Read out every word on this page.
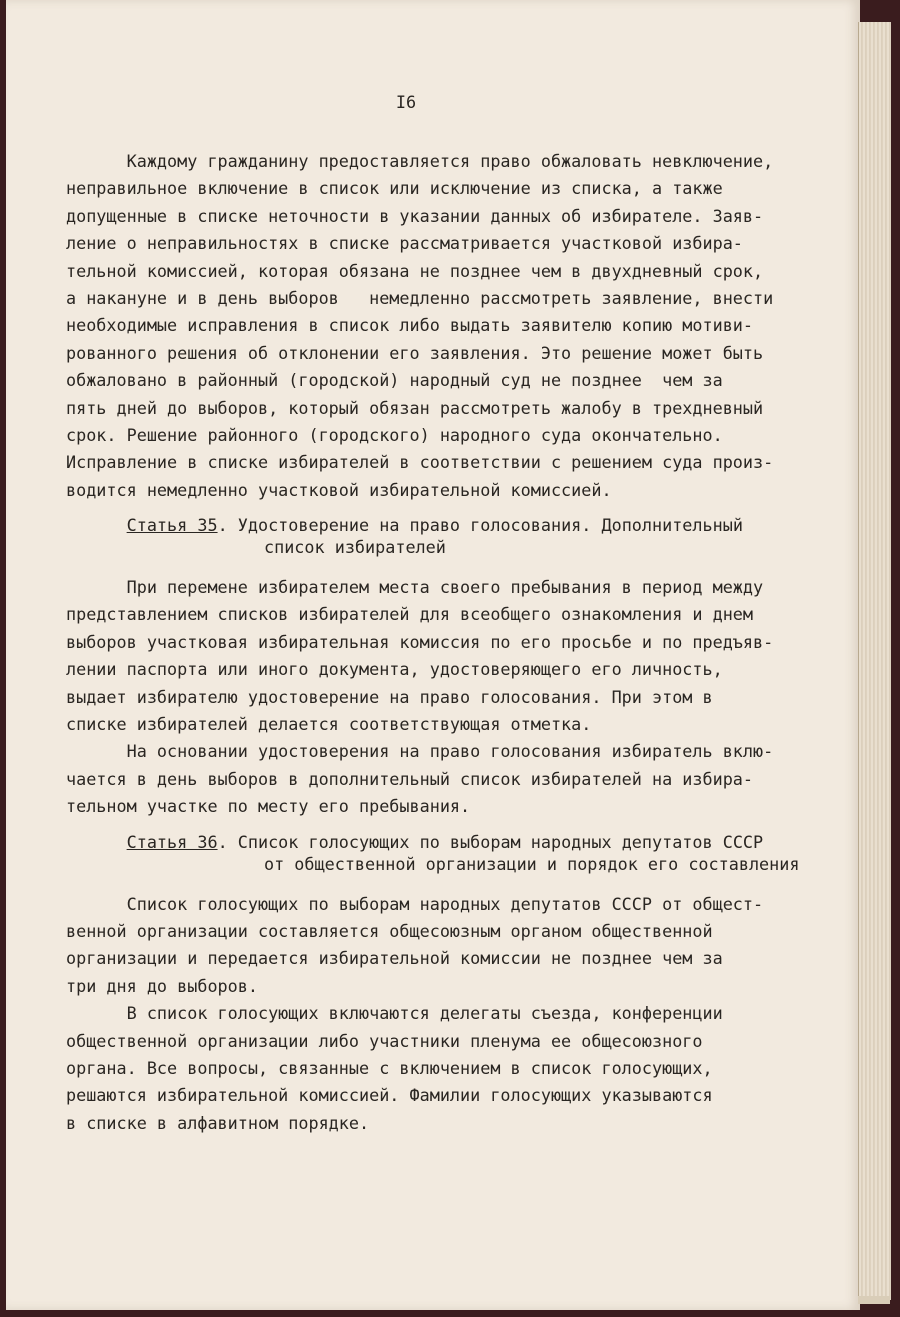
I6
Каждому гражданину предоставляется право обжаловать невключение,
неправильное включение в список или исключение из списка, а также
допущенные в списке неточности в указании данных об избирателе. Заяв-
ление о неправильностях в списке рассматривается участковой избира-
тельной комиссией, которая обязана не позднее чем в двухдневный срок,
а накануне и в день выборов   немедленно рассмотреть заявление, внести
необходимые исправления в список либо выдать заявителю копию мотиви-
рованного решения об отклонении его заявления. Это решение может быть
обжаловано в районный (городской) народный суд не позднее  чем за
пять дней до выборов, который обязан рассмотреть жалобу в трехдневный
срок. Решение районного (городского) народного суда окончательно.
Исправление в списке избирателей в соответствии с решением суда произ-
водится немедленно участковой избирательной комиссией.
Статья 35. Удостоверение на право голосования. Дополнительный
список избирателей
При перемене избирателем места своего пребывания в период между
представлением списков избирателей для всеобщего ознакомления и днем
выборов участковая избирательная комиссия по его просьбе и по предъяв-
лении паспорта или иного документа, удостоверяющего его личность,
выдает избирателю удостоверение на право голосования. При этом в
списке избирателей делается соответствующая отметка.
На основании удостоверения на право голосования избиратель вклю-
чается в день выборов в дополнительный список избирателей на избира-
тельном участке по месту его пребывания.
Статья 36. Список голосующих по выборам народных депутатов СССР
от общественной организации и порядок его составления
Список голосующих по выборам народных депутатов СССР от общест-
венной организации составляется общесоюзным органом общественной
организации и передается избирательной комиссии не позднее чем за
три дня до выборов.
В список голосующих включаются делегаты съезда, конференции
общественной организации либо участники пленума ее общесоюзного
органа. Все вопросы, связанные с включением в список голосующих,
решаются избирательной комиссией. Фамилии голосующих указываются
в списке в алфавитном порядке.
